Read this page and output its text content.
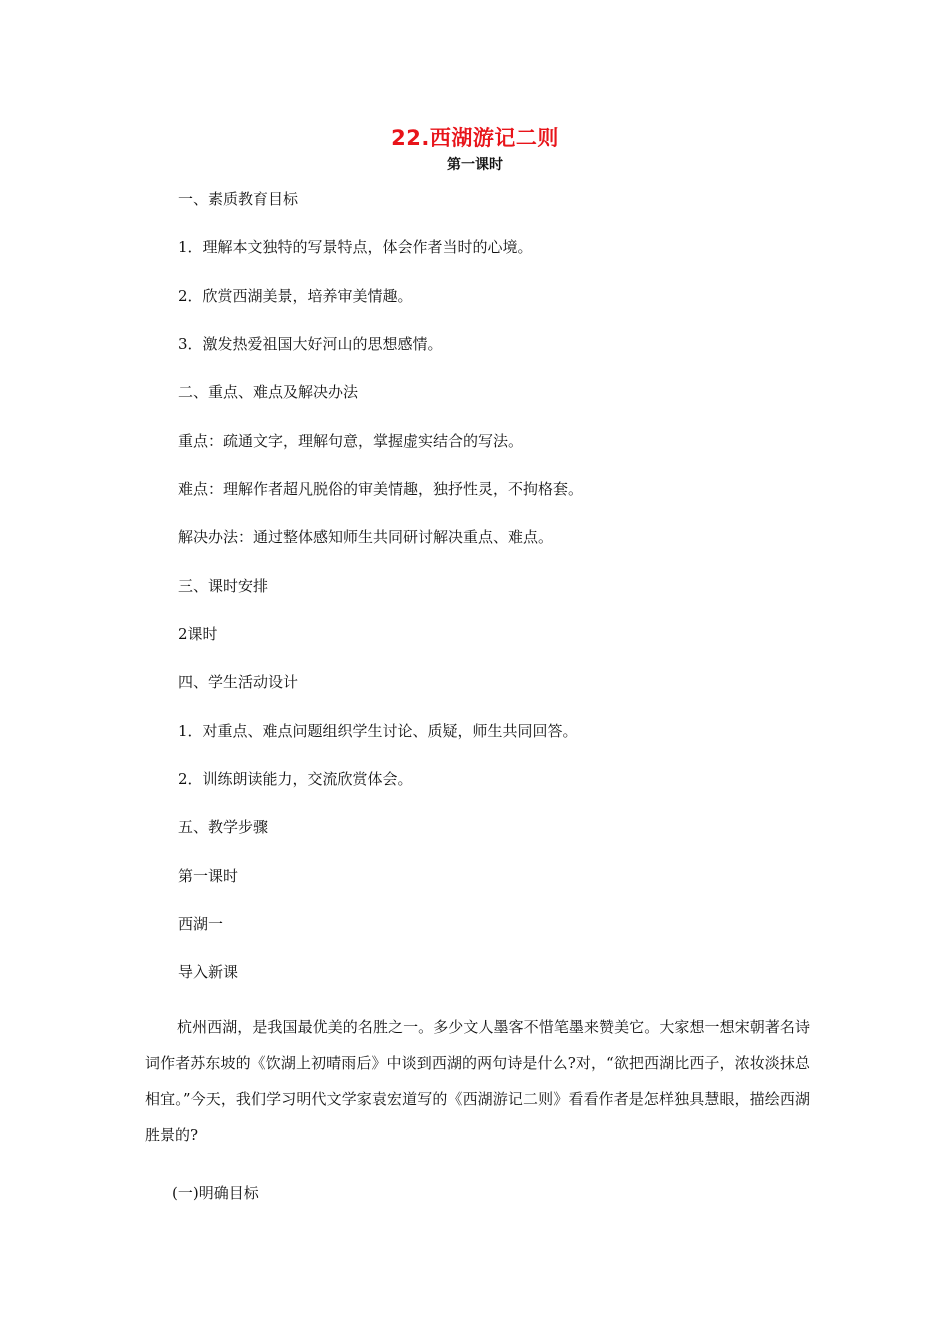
22.西湖游记二则
第一课时
一、素质教育目标
1．理解本文独特的写景特点，体会作者当时的心境。
2．欣赏西湖美景，培养审美情趣。
3．激发热爱祖国大好河山的思想感情。
二、重点、难点及解决办法
重点：疏通文字，理解句意，掌握虚实结合的写法。
难点：理解作者超凡脱俗的审美情趣，独抒性灵，不拘格套。
解决办法：通过整体感知师生共同研讨解决重点、难点。
三、课时安排
2课时
四、学生活动设计
1．对重点、难点问题组织学生讨论、质疑，师生共同回答。
2．训练朗读能力，交流欣赏体会。
五、教学步骤
第一课时
西湖一
导入新课
杭州西湖，是我国最优美的名胜之一。多少文人墨客不惜笔墨来赞美它。大家想一想宋朝著名诗词作者苏东坡的《饮湖上初晴雨后》中谈到西湖的两句诗是什么?对，“欲把西湖比西子，浓妆淡抹总相宜。”今天，我们学习明代文学家袁宏道写的《西湖游记二则》看看作者是怎样独具慧眼，描绘西湖胜景的?
(一)明确目标
